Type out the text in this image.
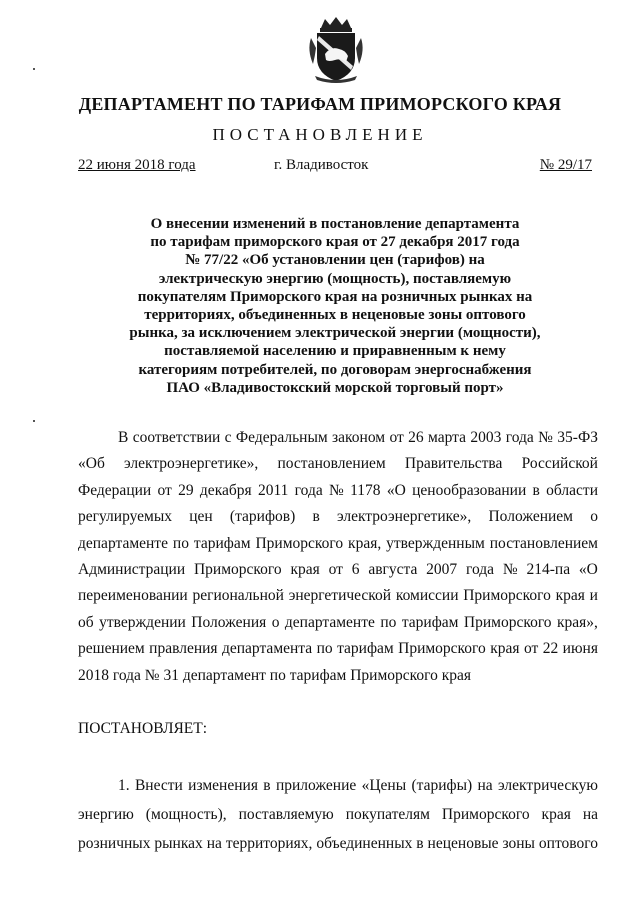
ДЕПАРТАМЕНТ ПО ТАРИФАМ ПРИМОРСКОГО КРАЯ
ПОСТАНОВЛЕНИЕ
22 июня 2018 года	г. Владивосток	№ 29/17
О внесении изменений в постановление департамента
по тарифам приморского края от 27 декабря 2017 года
№ 77/22 «Об установлении цен (тарифов) на
электрическую энергию (мощность), поставляемую
покупателям Приморского края на розничных рынках на
территориях, объединенных в неценовые зоны оптового
рынка, за исключением электрической энергии (мощности),
поставляемой населению и приравненным к нему
категориям потребителей, по договорам энергоснабжения
ПАО «Владивостокский морской торговый порт»
В соответствии с Федеральным законом от 26 марта 2003 года № 35-ФЗ
«Об электроэнергетике», постановлением Правительства Российской
Федерации от 29 декабря 2011 года № 1178 «О ценообразовании в области
регулируемых цен (тарифов) в электроэнергетике», Положением о
департаменте по тарифам Приморского края, утвержденным постановлением
Администрации Приморского края от 6 августа 2007 года № 214-па «О
переименовании региональной энергетической комиссии Приморского края и
об утверждении Положения о департаменте по тарифам Приморского края»,
решением правления департамента по тарифам Приморского края от 22 июня
2018 года № 31 департамент по тарифам Приморского края
ПОСТАНОВЛЯЕТ:
1. Внести изменения в приложение «Цены (тарифы) на электрическую
энергию (мощность), поставляемую покупателям Приморского края на
розничных рынках на территориях, объединенных в неценовые зоны оптового
